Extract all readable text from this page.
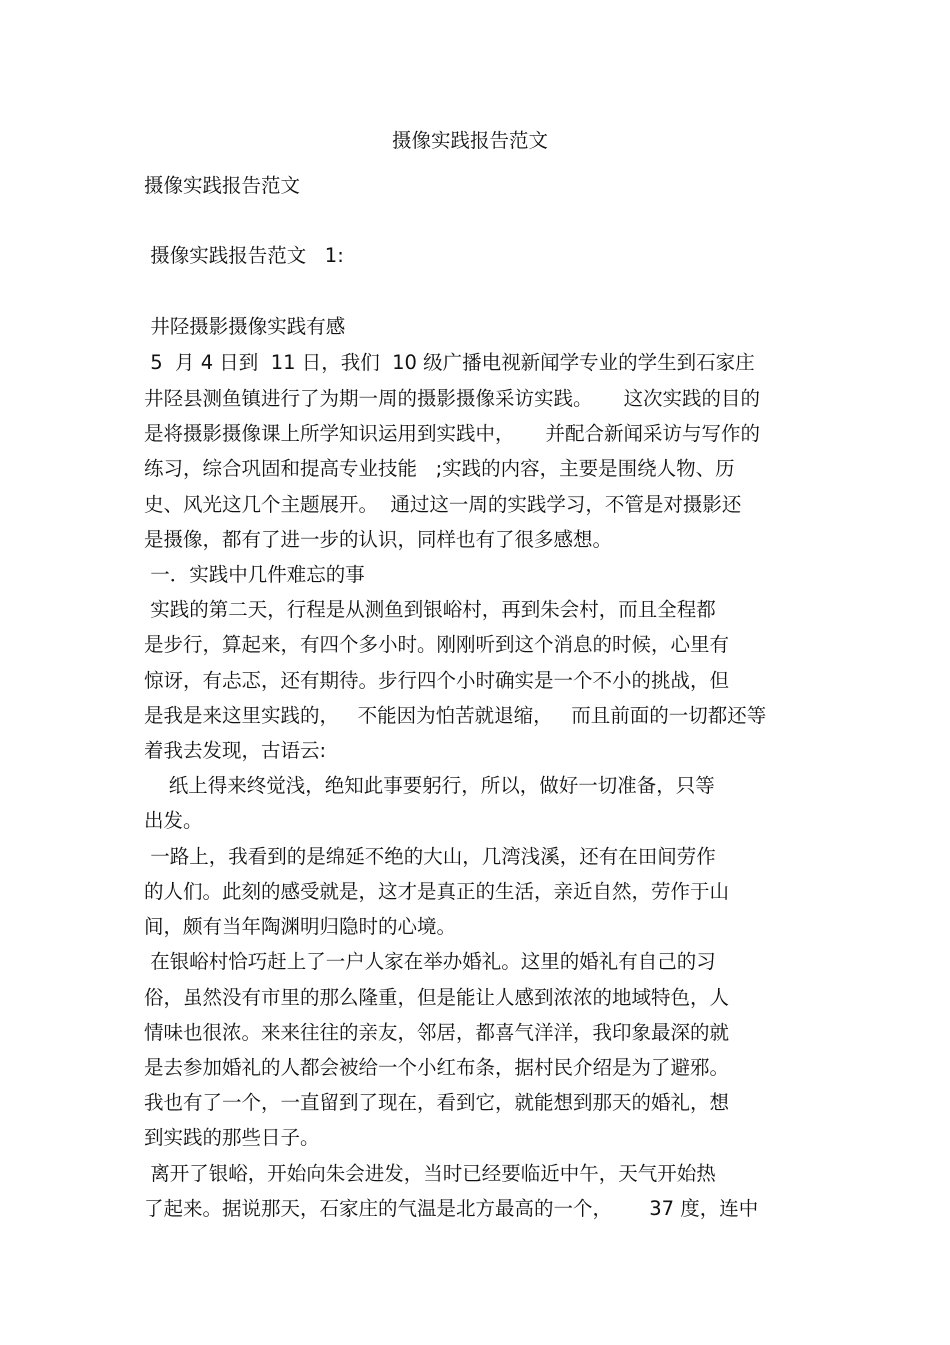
摄像实践报告范文
摄像实践报告范文
摄像实践报告范文   1:
井陉摄影摄像实践有感
5  月 4 日到  11 日，我们  10 级广播电视新闻学专业的学生到石家庄
井陉县测鱼镇进行了为期一周的摄影摄像采访实践。     这次实践的目的
是将摄影摄像课上所学知识运用到实践中，     并配合新闻采访与写作的
练习，综合巩固和提高专业技能   ;实践的内容，主要是围绕人物、历
史、风光这几个主题展开。  通过这一周的实践学习，不管是对摄影还
是摄像，都有了进一步的认识，同样也有了很多感想。
一．实践中几件难忘的事
实践的第二天，行程是从测鱼到银峪村，再到朱会村，而且全程都
是步行，算起来，有四个多小时。刚刚听到这个消息的时候，心里有
惊讶，有忐忑，还有期待。步行四个小时确实是一个不小的挑战，但
是我是来这里实践的，   不能因为怕苦就退缩，   而且前面的一切都还等
着我去发现，古语云:
纸上得来终觉浅，绝知此事要躬行，所以，做好一切准备，只等
出发。
一路上，我看到的是绵延不绝的大山，几湾浅溪，还有在田间劳作
的人们。此刻的感受就是，这才是真正的生活，亲近自然，劳作于山
间，颇有当年陶渊明归隐时的心境。
在银峪村恰巧赶上了一户人家在举办婚礼。这里的婚礼有自己的习
俗，虽然没有市里的那么隆重，但是能让人感到浓浓的地域特色，人
情味也很浓。来来往往的亲友，邻居，都喜气洋洋，我印象最深的就
是去参加婚礼的人都会被给一个小红布条，据村民介绍是为了避邪。
我也有了一个，一直留到了现在，看到它，就能想到那天的婚礼，想
到实践的那些日子。
离开了银峪，开始向朱会进发，当时已经要临近中午，天气开始热
了起来。据说那天，石家庄的气温是北方最高的一个，      37 度，连中
